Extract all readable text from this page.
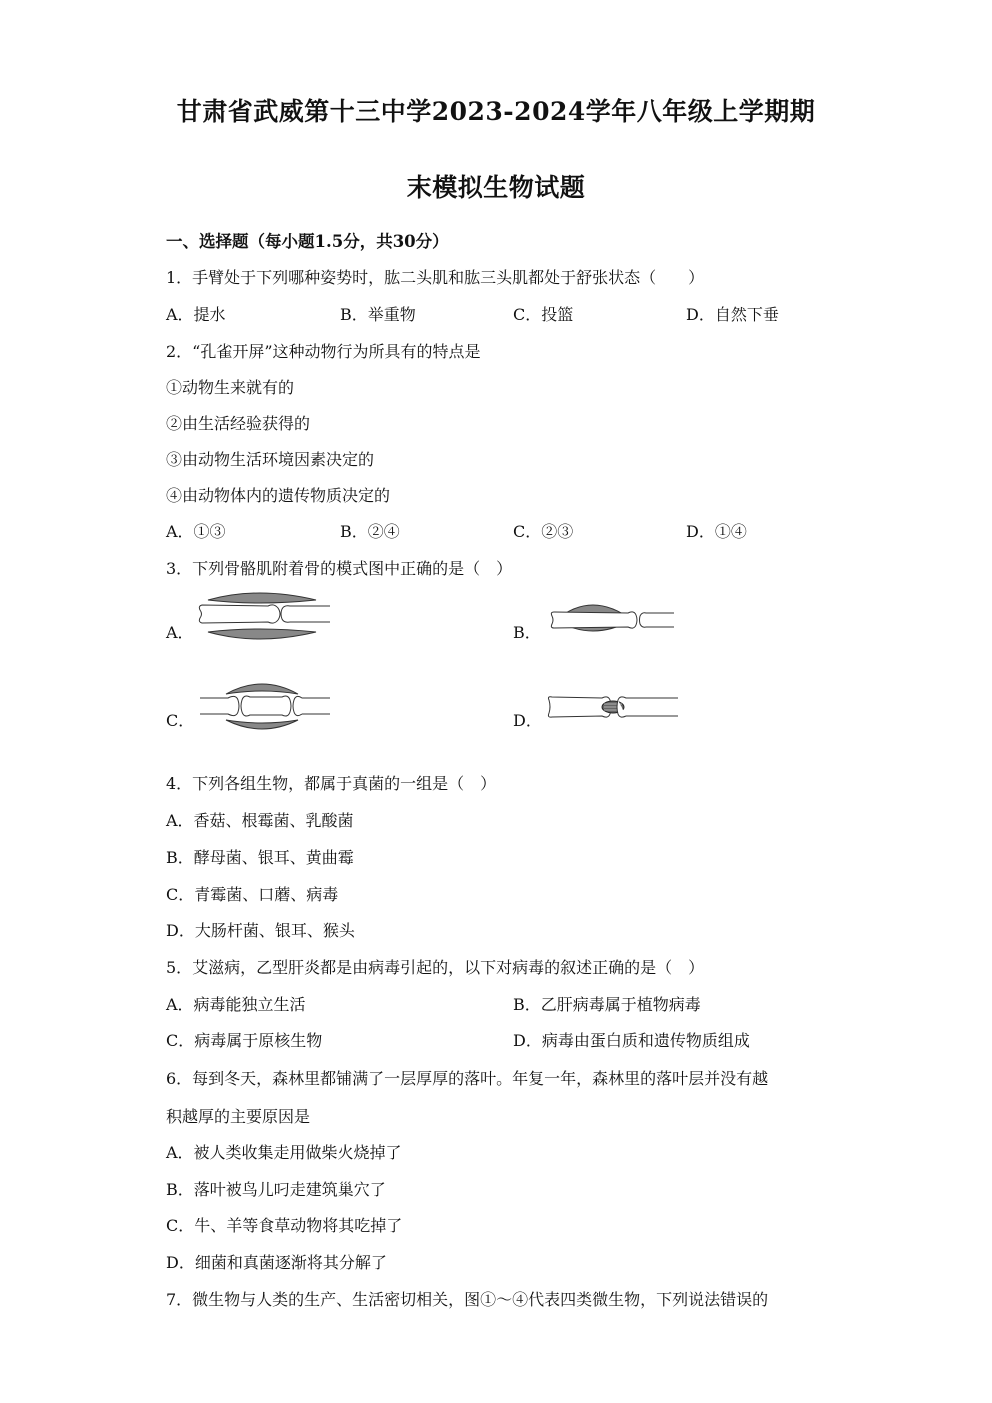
甘肃省武威第十三中学2023-2024学年八年级上学期期
末模拟生物试题
一、选择题（每小题1.5分，共30分）
1．手臂处于下列哪种姿势时，肱二头肌和肱三头肌都处于舒张状态（　　）
A．提水	B．举重物	C．投篮	D．自然下垂
2．“孔雀开屏”这种动物行为所具有的特点是
①动物生来就有的
②由生活经验获得的
③由动物生活环境因素决定的
④由动物体内的遗传物质决定的
A．①③	B．②④	C．②③	D．①④
3．下列骨骼肌附着骨的模式图中正确的是（　）
A．	B．
C．	D．
4．下列各组生物，都属于真菌的一组是（　）
A．香菇、根霉菌、乳酸菌
B．酵母菌、银耳、黄曲霉
C．青霉菌、口蘑、病毒
D．大肠杆菌、银耳、猴头
5．艾滋病，乙型肝炎都是由病毒引起的，以下对病毒的叙述正确的是（　）
A．病毒能独立生活	B．乙肝病毒属于植物病毒
C．病毒属于原核生物	D．病毒由蛋白质和遗传物质组成
6．每到冬天，森林里都铺满了一层厚厚的落叶。年复一年，森林里的落叶层并没有越
积越厚的主要原因是
A．被人类收集走用做柴火烧掉了
B．落叶被鸟儿叼走建筑巢穴了
C．牛、羊等食草动物将其吃掉了
D．细菌和真菌逐渐将其分解了
7．微生物与人类的生产、生活密切相关，图①～④代表四类微生物，下列说法错误的
